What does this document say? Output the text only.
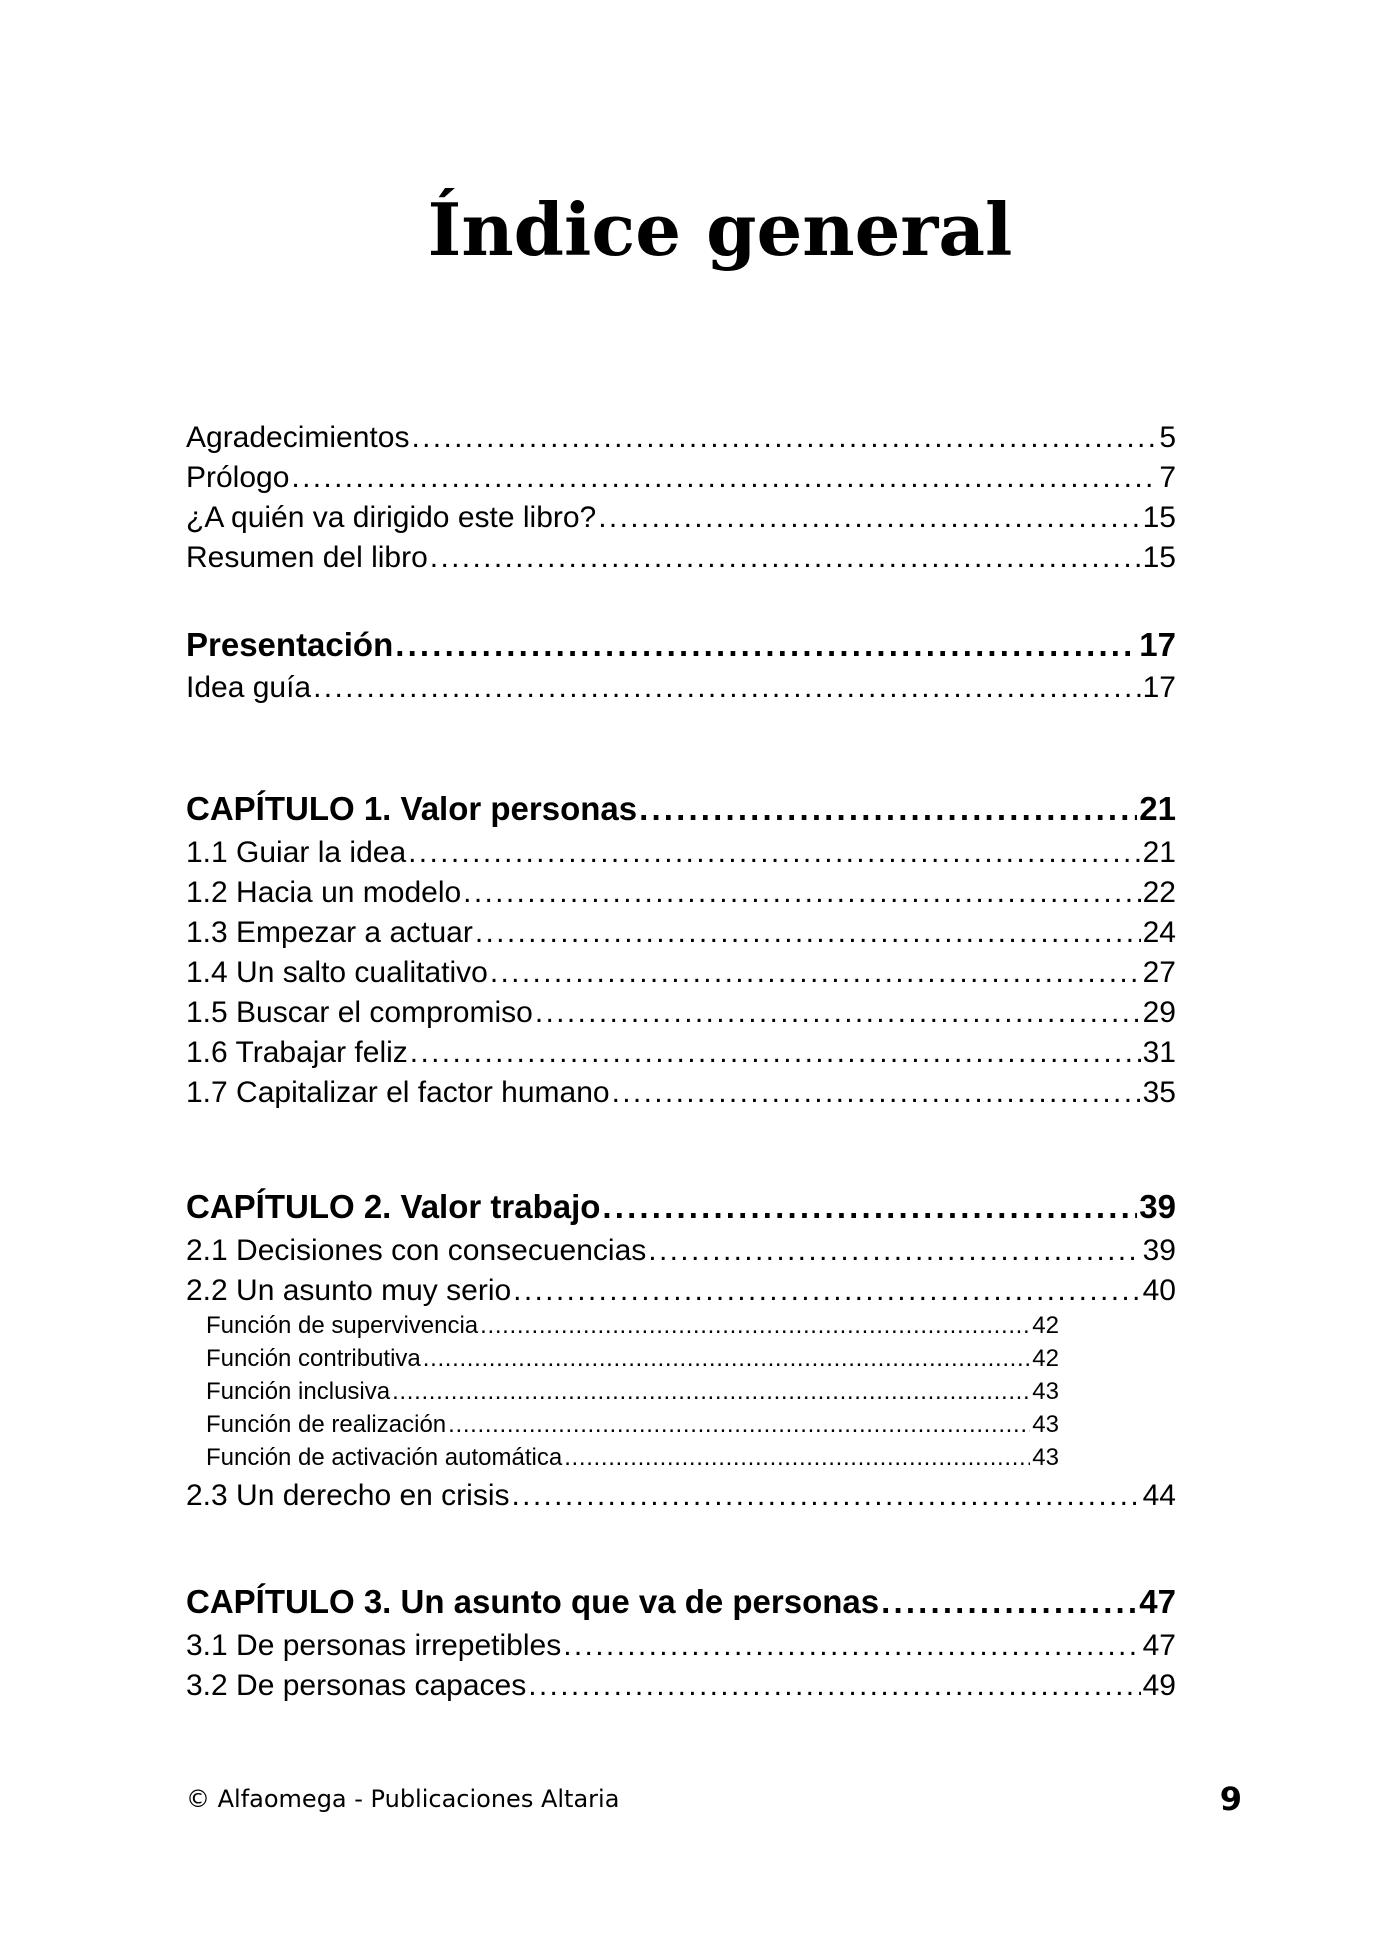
Índice general
Agradecimientos . . .	5
Prólogo . . .	7
¿A quién va dirigido este libro? . . .	15
Resumen del libro . . .	15
Presentación . . .	17
Idea guía . . .	17
CAPÍTULO 1. Valor personas . . .	21
1.1 Guiar la idea . . .	21
1.2 Hacia un modelo . . .	22
1.3 Empezar a actuar . . .	24
1.4 Un salto cualitativo . . .	27
1.5 Buscar el compromiso . . .	29
1.6 Trabajar feliz . . .	31
1.7 Capitalizar el factor humano . . .	35
CAPÍTULO 2. Valor trabajo . . .	39
2.1 Decisiones con consecuencias . . .	39
2.2 Un asunto muy serio . . .	40
Función de supervivencia . . .	42
Función contributiva . . .	42
Función inclusiva . . .	43
Función de realización . . .	43
Función de activación automática . . .	43
2.3 Un derecho en crisis . . .	44
CAPÍTULO 3. Un asunto que va de personas . . .	47
3.1 De personas irrepetibles . . .	47
3.2 De personas capaces . . .	49
© Alfaomega - Publicaciones Altaria	9
